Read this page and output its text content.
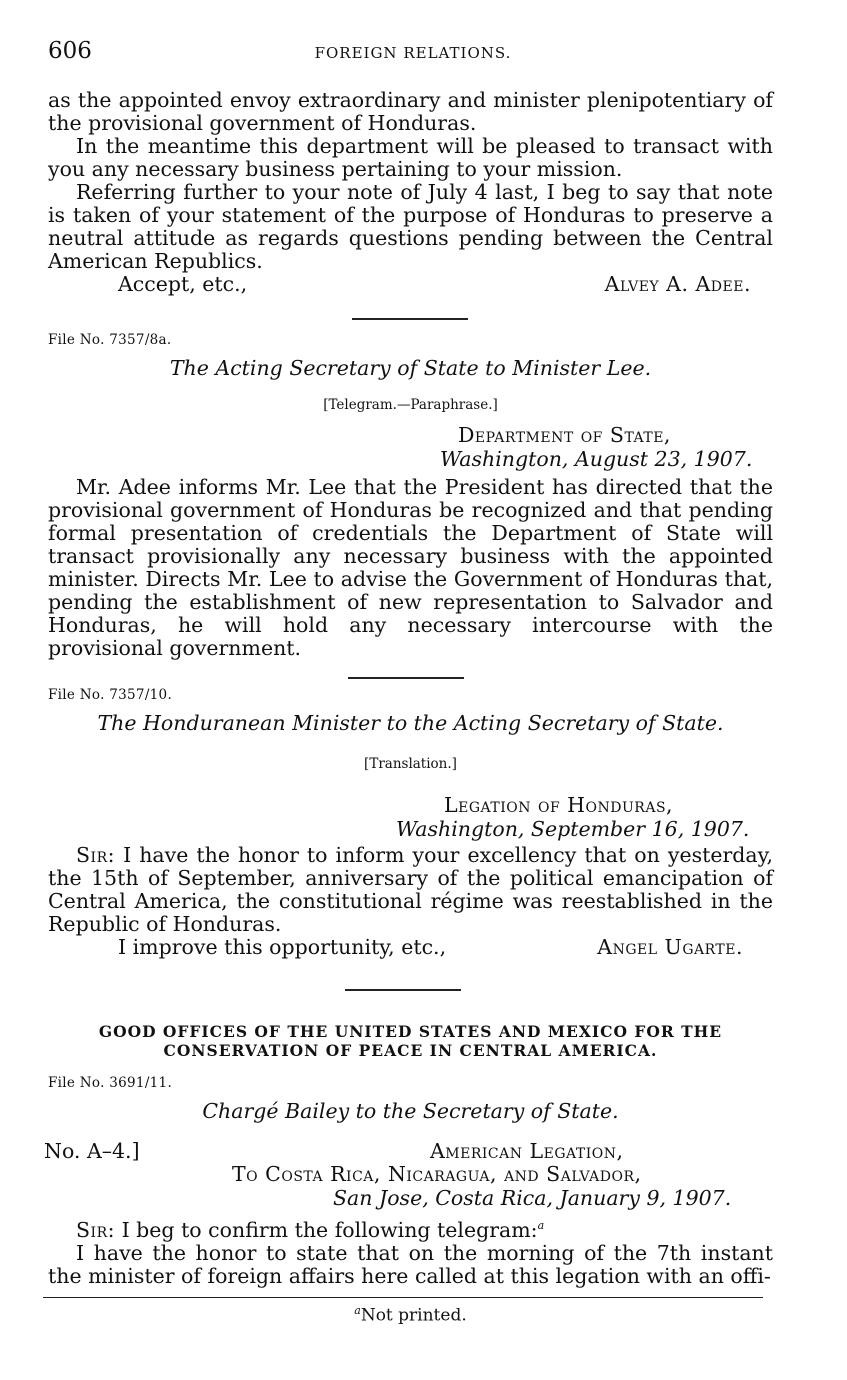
606	FOREIGN RELATIONS.

as the appointed envoy extraordinary and minister plenipotentiary of the provisional government of Honduras.

In the meantime this department will be pleased to transact with you any necessary business pertaining to your mission.

Referring further to your note of July 4 last, I beg to say that note is taken of your statement of the purpose of Honduras to preserve a neutral attitude as regards questions pending between the Central American Republics.

Accept, etc.,	Alvey A. Adee.
File No. 7357/8a.
The Acting Secretary of State to Minister Lee.
[Telegram.—Paraphrase.]
Department of State,
Washington, August 23, 1907.

Mr. Adee informs Mr. Lee that the President has directed that the provisional government of Honduras be recognized and that pending formal presentation of credentials the Department of State will transact provisionally any necessary business with the appointed minister. Directs Mr. Lee to advise the Government of Honduras that, pending the establishment of new representation to Salvador and Honduras, he will hold any necessary intercourse with the provisional government.

File No. 7357/10.
The Honduranean Minister to the Acting Secretary of State.
[Translation.]
Legation of Honduras,
Washington, September 16, 1907.

Sir: I have the honor to inform your excellency that on yesterday, the 15th of September, anniversary of the political emancipation of Central America, the constitutional régime was reestablished in the Republic of Honduras.

I improve this opportunity, etc.,	Angel Ugarte.
GOOD OFFICES OF THE UNITED STATES AND MEXICO FOR THE
CONSERVATION OF PEACE IN CENTRAL AMERICA.
File No. 3691/11.
Chargé Bailey to the Secretary of State.
No. A–4.]	American Legation,
To Costa Rica, Nicaragua, and Salvador,
San Jose, Costa Rica, January 9, 1907.

Sir: I beg to confirm the following telegram:$^a$

I have the honor to state that on the morning of the 7th instant the minister of foreign affairs here called at this legation with an offi-

$^a$Not printed.
